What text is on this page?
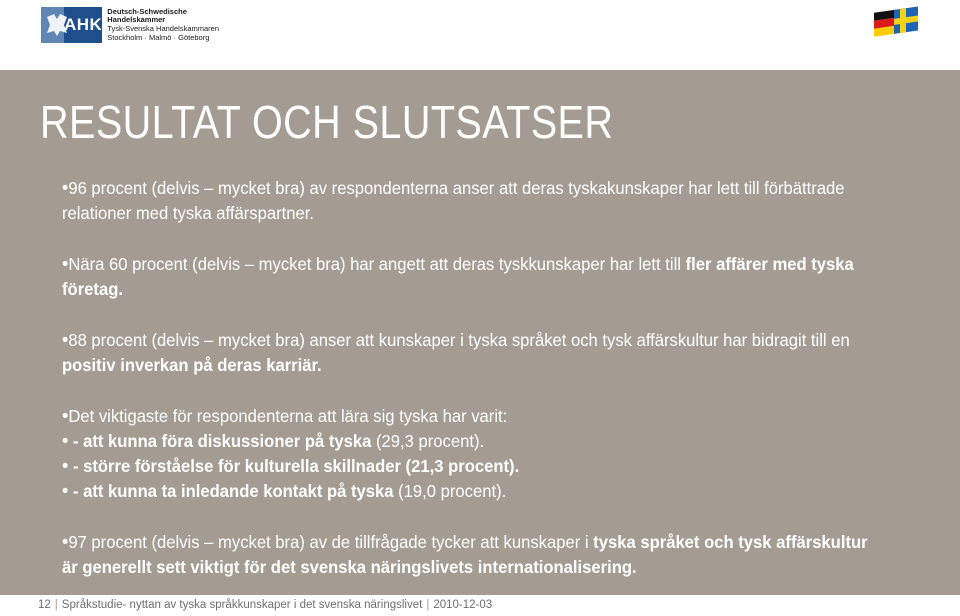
AHK
Deutsch-Schwedische
Handelskammer
Tysk-Svenska Handelskammaren
Stockholm · Malmö · Göteborg
RESULTAT OCH SLUTSATSER

•96 procent (delvis – mycket bra) av respondenterna anser att deras tyskakunskaper har lett till förbättrade relationer med tyska affärspartner.

•Nära 60 procent (delvis – mycket bra) har angett att deras tyskkunskaper har lett till fler affärer med tyska företag.

•88 procent (delvis – mycket bra) anser att kunskaper i tyska språket och tysk affärskultur har bidragit till en positiv inverkan på deras karriär.

•Det viktigaste för respondenterna att lära sig tyska har varit:

• - att kunna föra diskussioner på tyska (29,3 procent).

• - större förståelse för kulturella skillnader (21,3 procent).

• - att kunna ta inledande kontakt på tyska (19,0 procent).

•97 procent (delvis – mycket bra) av de tillfrågade tycker att kunskaper i tyska språket och tysk affärskultur är generellt sett viktigt för det svenska näringslivets internationalisering.

12 | Språkstudie- nyttan av tyska språkkunskaper i det svenska näringslivet | 2010-12-03
